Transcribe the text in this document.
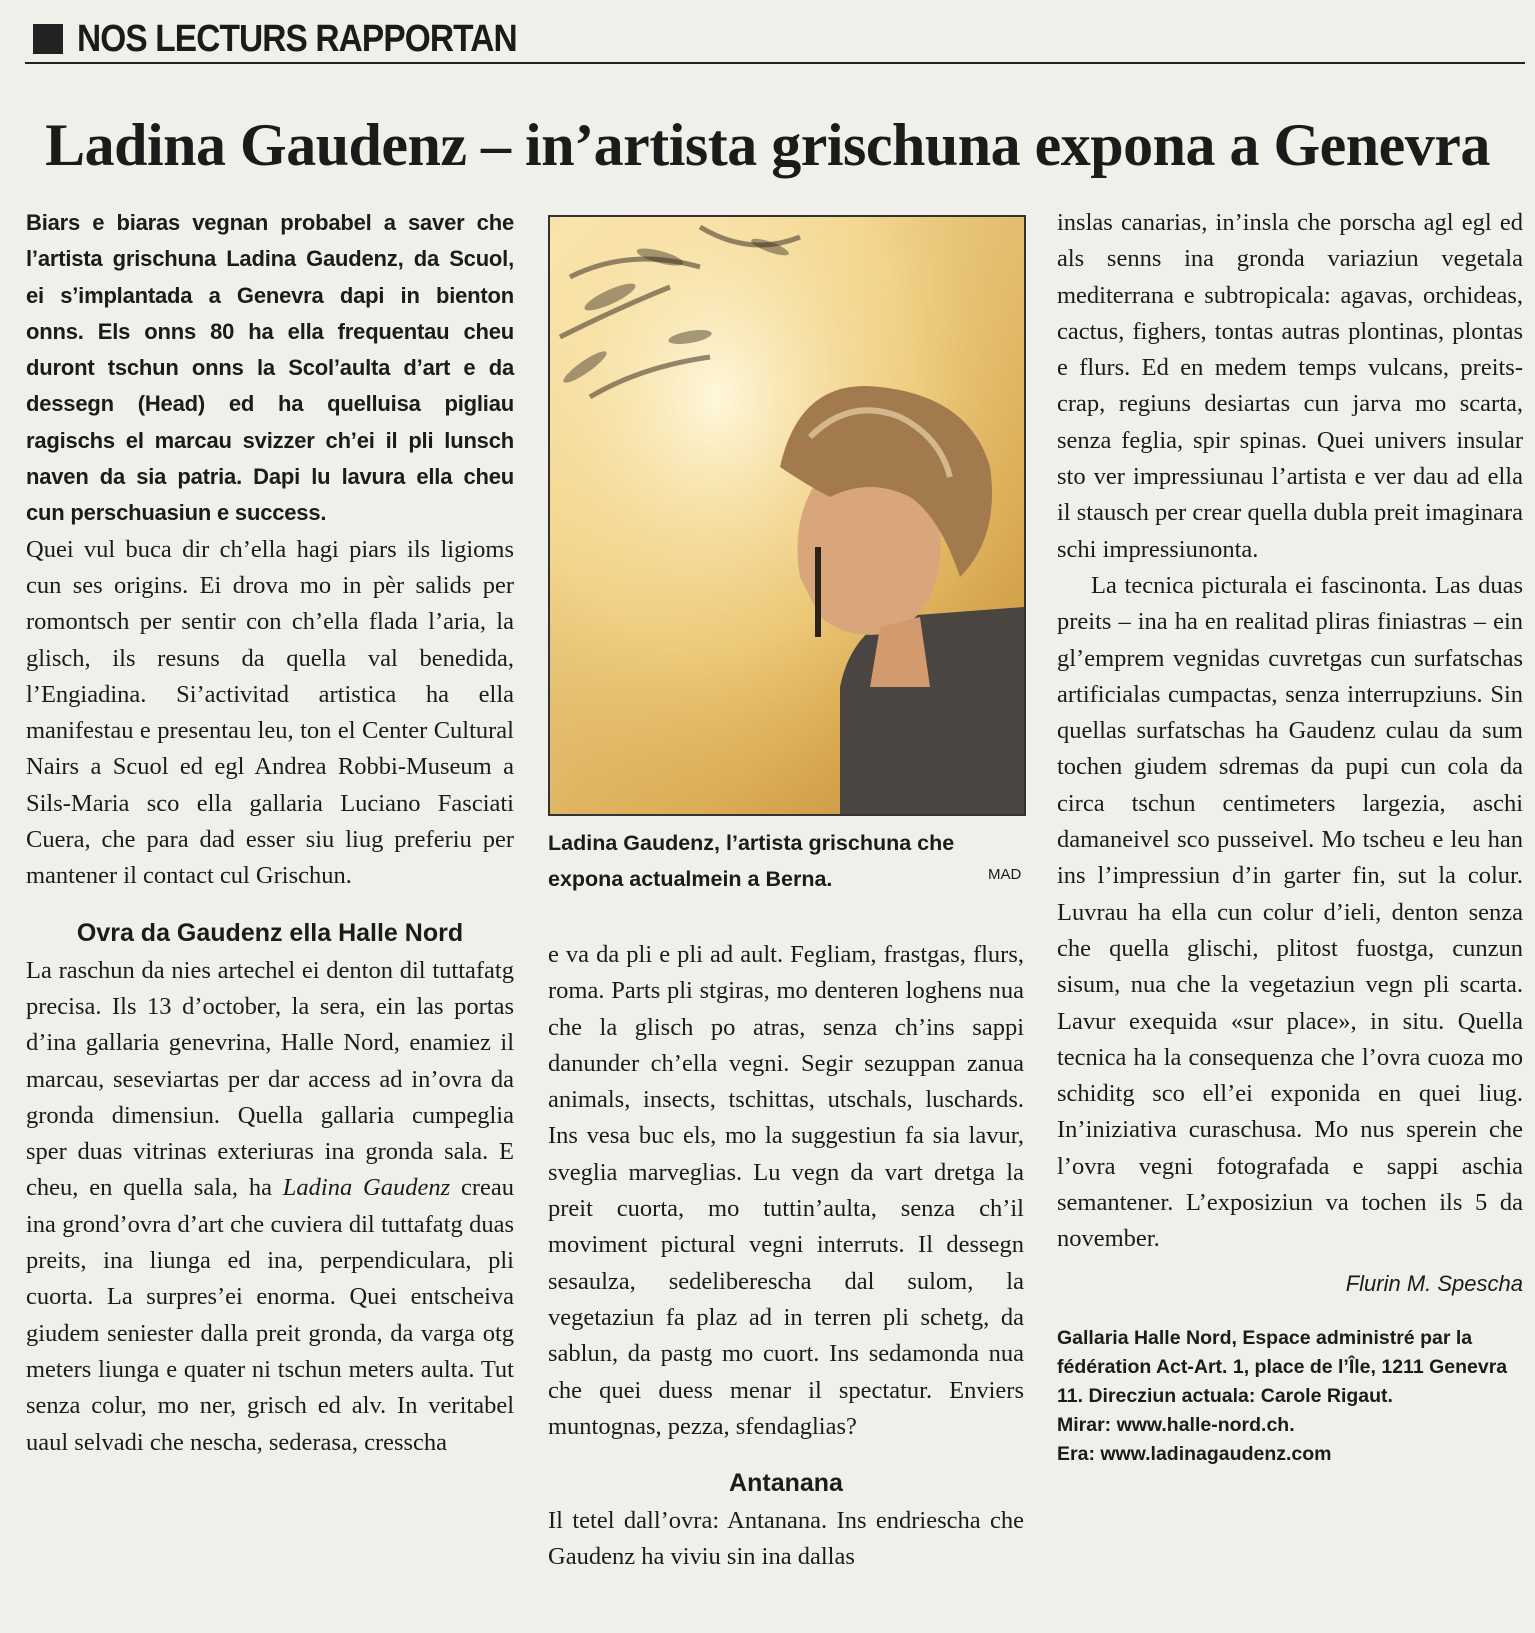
NOS LECTURS RAPPORTAN
Ladina Gaudenz – in’artista grischuna expona a Genevra

Biars e biaras vegnan probabel a saver che l’artista grischuna Ladina Gaudenz, da Scuol, ei s’implantada a Genevra dapi in bienton onns. Els onns 80 ha ella frequentau cheu duront tschun onns la Scol’aulta d’art e da dessegn (Head) ed ha quelluisa pigliau ragischs el marcau svizzer ch’ei il pli lunsch naven da sia patria. Dapi lu lavura ella cheu cun perschuasiun e success.

Quei vul buca dir ch’ella hagi piars ils ligioms cun ses origins. Ei drova mo in pèr salids per romontsch per sentir con ch’ella flada l’aria, la glisch, ils resuns da quella val benedida, l’Engiadina. Si’activitad artistica ha ella manifestau e presentau leu, ton el Center Cultural Nairs a Scuol ed egl Andrea Robbi-Museum a Sils-Maria sco ella gallaria Luciano Fasciati Cuera, che para dad esser siu liug preferiu per mantener il contact cul Grischun.

Ovra da Gaudenz ella Halle Nord

La raschun da nies artechel ei denton dil tuttafatg precisa. Ils 13 d’october, la sera, ein las portas d’ina gallaria genevrina, Halle Nord, enamiez il marcau, seseviartas per dar access ad in’ovra da gronda dimensiun. Quella gallaria cumpeglia sper duas vitrinas exteriuras ina gronda sala. E cheu, en quella sala, ha Ladina Gaudenz creau ina grond’ovra d’art che cuviera dil tuttafatg duas preits, ina liunga ed ina, perpendiculara, pli cuorta. La surpres’ei enorma. Quei entscheiva giudem seniester dalla preit gronda, da varga otg meters liunga e quater ni tschun meters aulta. Tut senza colur, mo ner, grisch ed alv. In veritabel uaul selvadi che nescha, sederasa, cresscha

Ladina Gaudenz, l’artista grischuna che expona actualmein a Berna.	MAD

e va da pli e pli ad ault. Fegliam, frastgas, flurs, roma. Parts pli stgiras, mo denteren loghens nua che la glisch po atras, senza ch’ins sappi danunder ch’ella vegni. Segir sezuppan zanua animals, insects, tschittas, utschals, luschards. Ins vesa buc els, mo la suggestiun fa sia lavur, sveglia marveglias. Lu vegn da vart dretga la preit cuorta, mo tuttin’aulta, senza ch’il moviment pictural vegni interruts. Il dessegn sesaulza, sedeliberescha dal sulom, la vegetaziun fa plaz ad in terren pli schetg, da sablun, da pastg mo cuort. Ins sedamonda nua che quei duess menar il spectatur. Enviers muntognas, pezza, sfendaglias?

Antanana

Il tetel dall’ovra: Antanana. Ins endriescha che Gaudenz ha viviu sin ina dallas

inslas canarias, in’insla che porscha agl egl ed als senns ina gronda variaziun vegetala mediterrana e subtropicala: agavas, orchideas, cactus, fighers, tontas autras plontinas, plontas e flurs. Ed en medem temps vulcans, preits-crap, regiuns desiartas cun jarva mo scarta, senza feglia, spir spinas. Quei univers insular sto ver impressiunau l’artista e ver dau ad ella il stausch per crear quella dubla preit imaginara schi impressiunonta.

La tecnica picturala ei fascinonta. Las duas preits – ina ha en realitad pliras finiastras – ein gl’emprem vegnidas cuvretgas cun surfatschas artificialas cumpactas, senza interrupziuns. Sin quellas surfatschas ha Gaudenz culau da sum tochen giudem sdremas da pupi cun cola da circa tschun centimeters largezia, aschi damaneivel sco pusseivel. Mo tscheu e leu han ins l’impressiun d’in garter fin, sut la colur. Luvrau ha ella cun colur d’ieli, denton senza che quella glischi, plitost fuostga, cunzun sisum, nua che la vegetaziun vegn pli scarta. Lavur exequida «sur place», in situ. Quella tecnica ha la consequenza che l’ovra cuoza mo schiditg sco ell’ei exponida en quei liug. In’iniziativa curaschusa. Mo nus sperein che l’ovra vegni fotografada e sappi aschia semantener. L’exposiziun va tochen ils 5 da november.

Flurin M. Spescha
Gallaria Halle Nord, Espace administré par la fédération Act-Art. 1, place de l’Île, 1211 Genevra 11. Direcziun actuala: Carole Rigaut.
Mirar: www.halle-nord.ch.
Era: www.ladinagaudenz.com
